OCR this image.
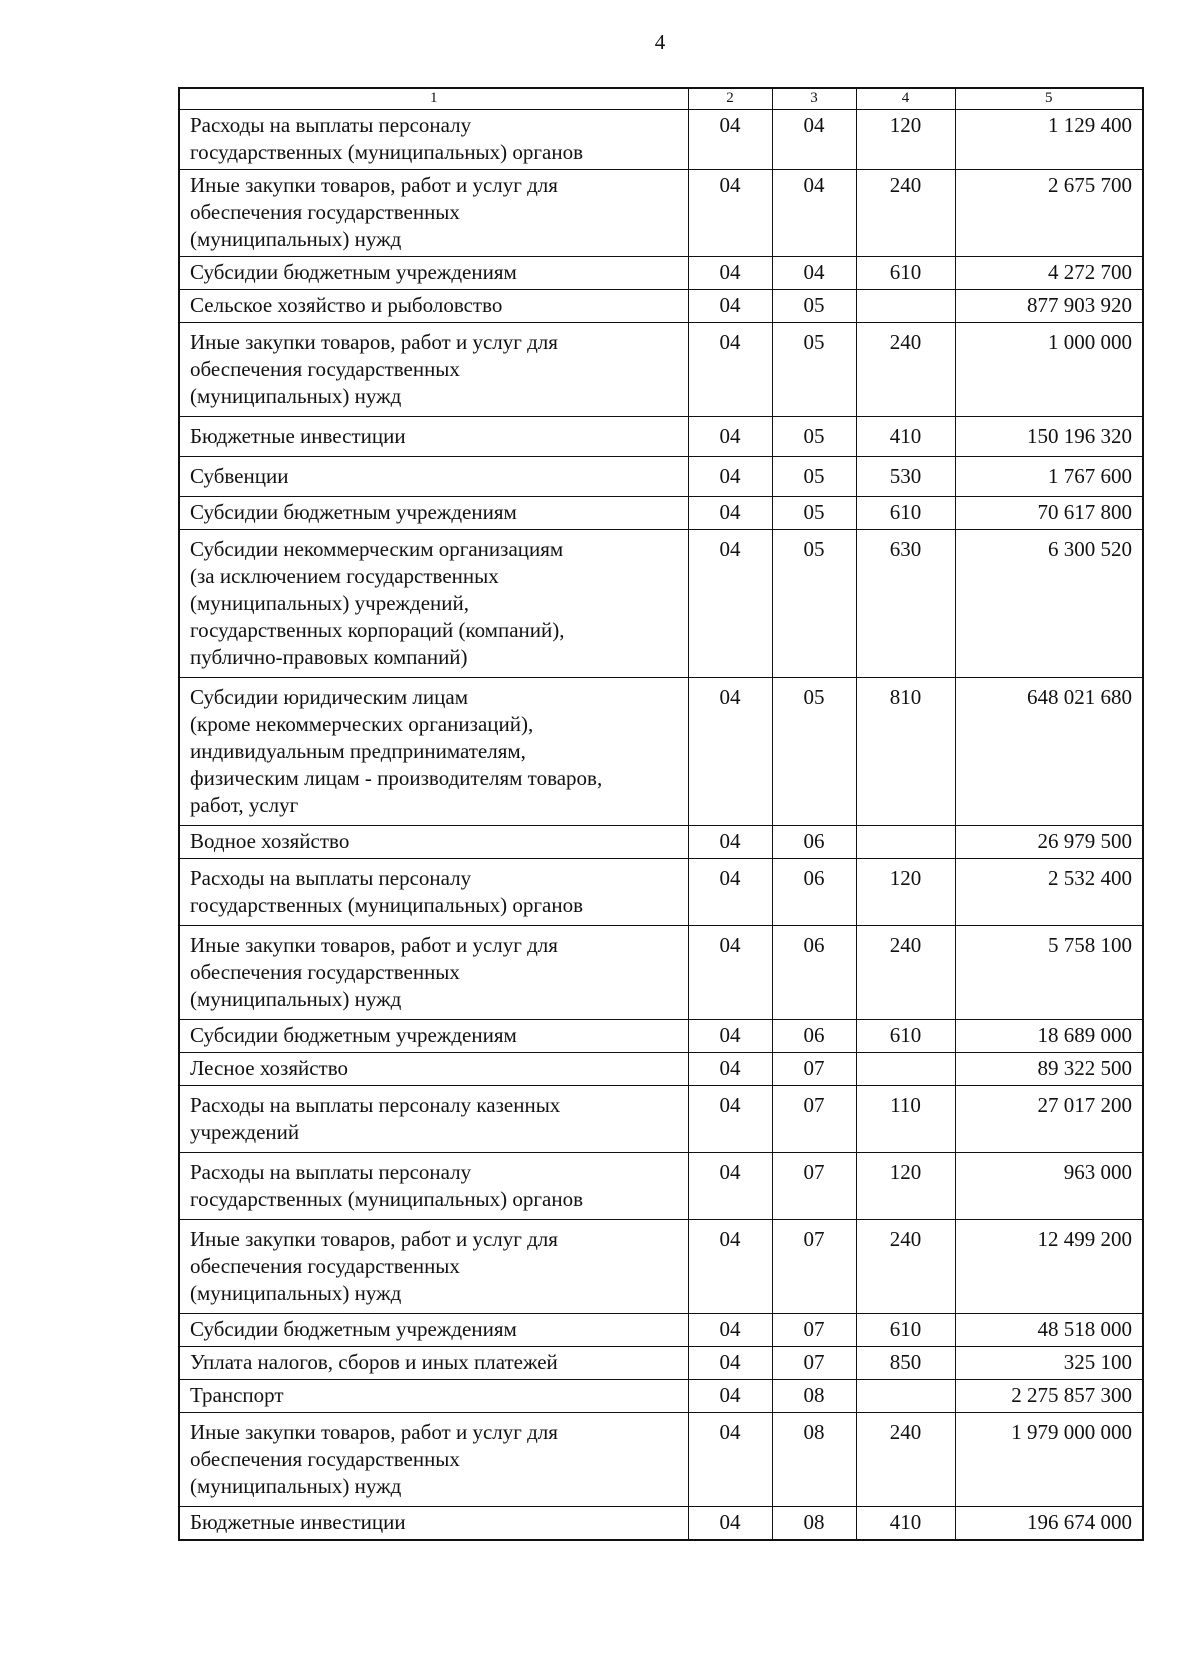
4
1	2	3	4	5

Расходы на выплаты персоналу
государственных (муниципальных) органов	04	04	120	1 129 400

Иные закупки товаров, работ и услуг для
обеспечения государственных
(муниципальных) нужд	04	04	240	2 675 700

Субсидии бюджетным учреждениям	04	04	610	4 272 700

Сельское хозяйство и рыболовство	04	05		877 903 920

Иные закупки товаров, работ и услуг для
обеспечения государственных
(муниципальных) нужд	04	05	240	1 000 000

Бюджетные инвестиции	04	05	410	150 196 320

Субвенции	04	05	530	1 767 600

Субсидии бюджетным учреждениям	04	05	610	70 617 800

Субсидии некоммерческим организациям
(за исключением государственных
(муниципальных) учреждений,
государственных корпораций (компаний),
публично-правовых компаний)	04	05	630	6 300 520

Субсидии юридическим лицам
(кроме некоммерческих организаций),
индивидуальным предпринимателям,
физическим лицам - производителям товаров,
работ, услуг	04	05	810	648 021 680

Водное хозяйство	04	06		26 979 500

Расходы на выплаты персоналу
государственных (муниципальных) органов	04	06	120	2 532 400

Иные закупки товаров, работ и услуг для
обеспечения государственных
(муниципальных) нужд	04	06	240	5 758 100

Субсидии бюджетным учреждениям	04	06	610	18 689 000

Лесное хозяйство	04	07		89 322 500

Расходы на выплаты персоналу казенных
учреждений	04	07	110	27 017 200

Расходы на выплаты персоналу
государственных (муниципальных) органов	04	07	120	963 000

Иные закупки товаров, работ и услуг для
обеспечения государственных
(муниципальных) нужд	04	07	240	12 499 200

Субсидии бюджетным учреждениям	04	07	610	48 518 000

Уплата налогов, сборов и иных платежей	04	07	850	325 100

Транспорт	04	08		2 275 857 300

Иные закупки товаров, работ и услуг для
обеспечения государственных
(муниципальных) нужд	04	08	240	1 979 000 000

Бюджетные инвестиции	04	08	410	196 674 000
